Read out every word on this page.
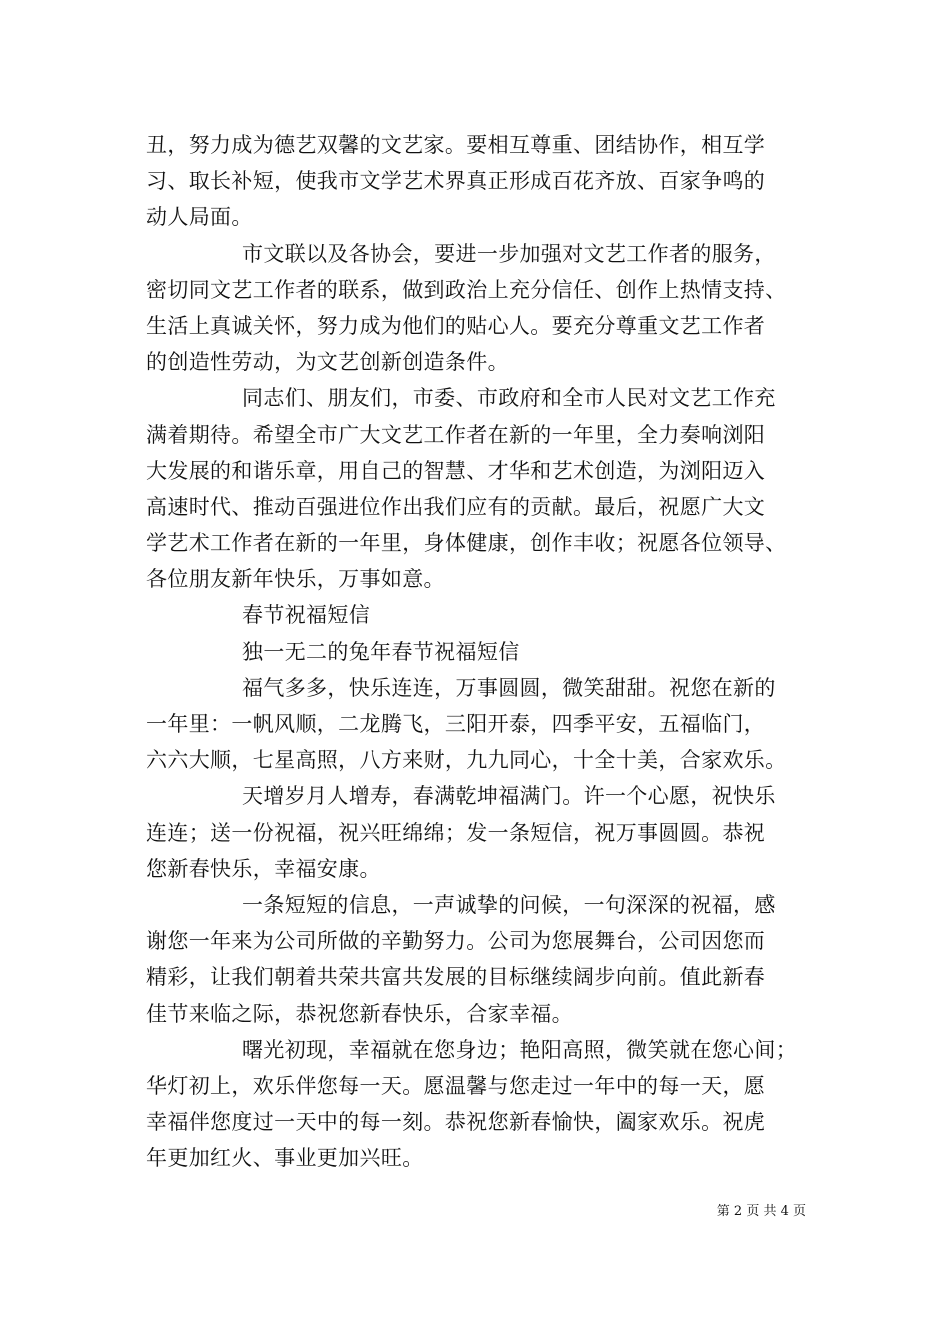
丑，努力成为德艺双馨的文艺家。要相互尊重、团结协作，相互学
习、取长补短，使我市文学艺术界真正形成百花齐放、百家争鸣的
动人局面。
市文联以及各协会，要进一步加强对文艺工作者的服务，
密切同文艺工作者的联系，做到政治上充分信任、创作上热情支持、
生活上真诚关怀，努力成为他们的贴心人。要充分尊重文艺工作者
的创造性劳动，为文艺创新创造条件。
同志们、朋友们，市委、市政府和全市人民对文艺工作充
满着期待。希望全市广大文艺工作者在新的一年里，全力奏响浏阳
大发展的和谐乐章，用自己的智慧、才华和艺术创造，为浏阳迈入
高速时代、推动百强进位作出我们应有的贡献。最后，祝愿广大文
学艺术工作者在新的一年里，身体健康，创作丰收；祝愿各位领导、
各位朋友新年快乐，万事如意。
春节祝福短信
独一无二的兔年春节祝福短信
福气多多，快乐连连，万事圆圆，微笑甜甜。祝您在新的
一年里：一帆风顺，二龙腾飞，三阳开泰，四季平安，五福临门，
六六大顺，七星高照，八方来财，九九同心，十全十美，合家欢乐。
天增岁月人增寿，春满乾坤福满门。许一个心愿，祝快乐
连连；送一份祝福，祝兴旺绵绵；发一条短信，祝万事圆圆。恭祝
您新春快乐，幸福安康。
一条短短的信息，一声诚挚的问候，一句深深的祝福，感
谢您一年来为公司所做的辛勤努力。公司为您展舞台，公司因您而
精彩，让我们朝着共荣共富共发展的目标继续阔步向前。值此新春
佳节来临之际，恭祝您新春快乐，合家幸福。
曙光初现，幸福就在您身边；艳阳高照，微笑就在您心间；
华灯初上，欢乐伴您每一天。愿温馨与您走过一年中的每一天，愿
幸福伴您度过一天中的每一刻。恭祝您新春愉快，阖家欢乐。祝虎
年更加红火、事业更加兴旺。
第 2 页 共 4 页
